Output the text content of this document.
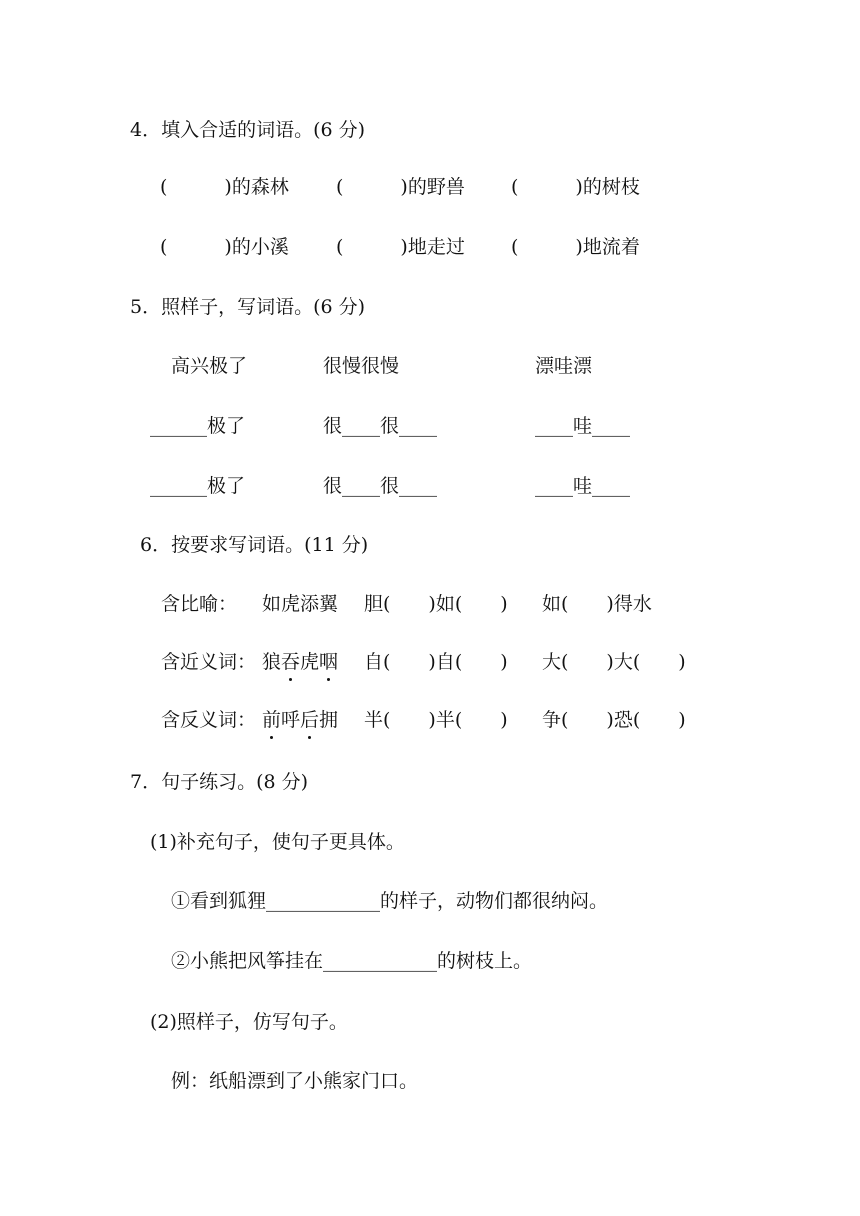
4．填入合适的词语。(6 分)
(　　　)的森林 (　　　)的野兽 (　　　)的树枝
(　　　)的小溪 (　　　)地走过 (　　　)地流着
5．照样子，写词语。(6 分)
高兴极了	很慢很慢	漂哇漂
______极了	很____很____	____哇____
______极了	很____很____	____哇____
6．按要求写词语。(11 分)
含比喻： 如虎添翼 胆(　　)如(　　) 如(　　)得水
含近义词： 狼吞虎咽 自(　　)自(　　) 大(　　)大(　　)
含反义词： 前呼后拥 半(　　)半(　　) 争(　　)恐(　　)
7．句子练习。(8 分)
(1)补充句子，使句子更具体。
①看到狐狸____________的样子，动物们都很纳闷。
②小熊把风筝挂在____________的树枝上。
(2)照样子，仿写句子。
例：纸船漂到了小熊家门口。
